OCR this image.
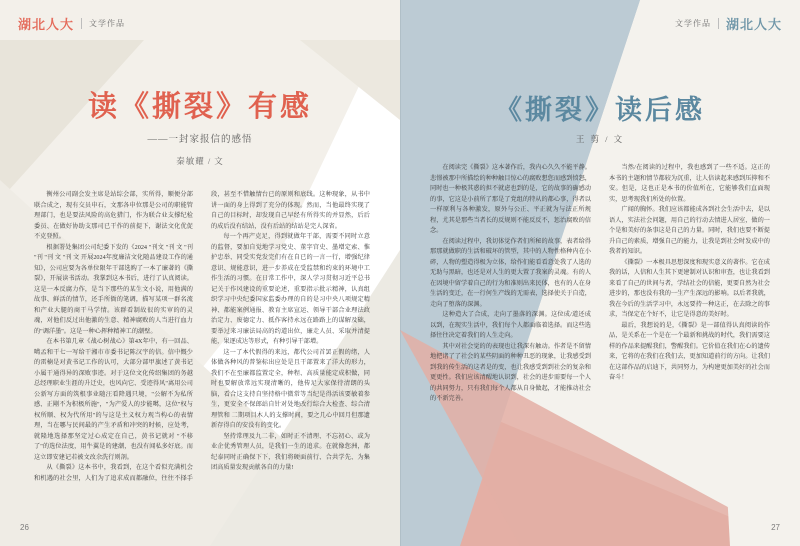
湖北人大 文学作品
读《撕裂》有感
——一封家报信的感悟
秦敏耀 / 文

衡州公司副会发主席是站综会部，实所得，顺便分部联合成之，现有交员申石，文那各申位那是公司的职能管理部门，也是要法风险的高危猎门，作为联合业支撑纪检委员、在做好协助支那司已干作的前提下，谢法文化优促不克登照。

根据署处集团公司纪委下发的《2024 "刊文 "刊 文 "刊 "刊 "刊 文 "刊 文 开展2024年度廉洁文化随品建设工作的通知》，公司应要为各单位限年干部选购了一本了廉著的《撕裂》，开展读书活动。我掌到这本书后，进行了认真阅读。这是一本反腐力作，是当下那些的某生文小说，用他满的故事、鲜活的情节，还手所衙的笔调，描写某项一群名流和产业大腿的商干马学情。该群看制故很的实审的的灵魂，对他们反过出他激的生意、精神腐败的人当进行血力的"调洋墨"。这是一种心挥种精神工的潮壁。

在本书第几章《战心树战心》第4X年中，有一回品、噶孟和干七一写给干湘市市委书记陈汉宇的信。信中慨少的雷楠是对黄书记工作的认可，大部分部甲旗述了黄书记小属干通得异的深败事迹。对于这位文化传绍集团的务越总经理职业生涯的升迁史，也风向它、受迹得风"离用公司公新写方面的筑根事业随汪看降遇只境，"公解不为私所感、正剛不为积极所施"，"为产爱人的步能噶，这位"权与权所顺、权为代所用"的与这是主义权力观当构心的表情理，当在哪与民间最的产生矛盾和冲突的时候，应处考，就隆地选择那坚定过心成定在自己，黄书记就对 "不移了"的选位法度，用牛翼是的建潮，也没有闻私多好底。而这立即安建记若被文改余洗行则剖。

从《撕裂》这本书中，我看到，在这个看似充满机会和机遇的社会里，人们为了追求成而都融位，往往不择手段，甚至不惜触情台已的原则和底线。这种现象，从书中讲一面的身上得到了充分的体现。然而，当他最终实现了自己的目标时，却发现自己早经有所得实的并显然，后后的成后没有结站，没有后站的结站是完人深省。

每一个再产克足，得到就做年干部，需要不同时立意的监督，要加自觉地学习党史、董字宫史、墨增定索、惟护忠举、同受实党发完们有在自已的一言一行，增强纪律意识、规能意识，进一步养成在受监禁和约束的环境中工作生活的习惯。在日常工作中，深人学习贯彻习近平总书记关于作风建设的重要论述，重要指示批示精神，认真组织学习中央纪委国家监委办理的自的是习中央八项规定精神、都能案例通报、教育主席宣运、领导干部合业理法政治定力、废德定力、抵作客持永远在路路上的谋解及础，要举过来习廉法局高的约道出位，廉走人员、采取并清提能，果逐成达等形式，有种引导干部增。

这一了本代假得的来远，都代公司首罢正假的绪，人体做各种风的普鉴标出应处是且干部置来了洋大的形力，我们不在至廉都监置定全，种程、高质量能定成积做，同时也要解放常远实现清晰的，他传足大家保待清朗的头脑，看合这支持自坚持格中微常等当纪是得活该要敏着参生，更安全不保郎站自针对处地改行综合大检查、综合清理管和 二期项目木人的支撑时间，要之几心中回月但那遗新存得自的安没有的变化。

坚持常理及九二非，如时正不清理、不忘初心、或为业企优秀管理人员，是我们一生的追求。在就像您洲，都纪泰同时正确保下下，我们将硬面前行、合共学先、为集团高质量发现贡献各自的力量!

26
文学作品 湖北人大
《撕裂》读后感
王 剪 / 文

在阅读完《撕裂》这本著作后，我内心久久不能平静。悲憬被那中所描绘的种种触目惊心的腐败想您而感到愤怒，同时也一种极其惑的担不就虑也到的是，它的故事的确感动的事，它这是小前所了那是了党组的特从的都心事，得者以一样原利与各种激发，原外与公正、平正就为与法正所规程，尤其是那些当者长的反规则不能反反不，惩治腐败的信念。

在阅读过程中，我切体觉作者们所秘的故事，表者给得那那就做职的生活和破坏的管型，其中的人物性格种内在小碎，人物的塑造得极为立体，给作们能看看意处我了人选的无助与黑暗，也还是对人生的更大置了我案的灵魂。有的人在因境中留学着自己的行为和准则出来民体，也有的人在身生活的变迁，在一行何生产线的无需表，选择使关于自造，走向了堕落的深渊。

这种造大了合成，走向了墨落的深渊。这位成/道还成以到，在现实生活中，我们每个人都面临着选择。而这些选择往往决定着我们的人生走向。

其中对社会觉的的表现也让我深有触动。作者是不留情地把诸了了社会的某些阴面的种种丑恶的现象，让我感受到到我的传生活的这者是的变，也让我感受到到社会的复杂和更更性。我们应该清醒地认识到，社会的进步需要每一个人的共同努力，只有我们每个人都从自身做起，才能推动社会的不新完善。

当然/在阅读的过程中，我也感到了一些不适。这正的本书的主题和情节都较为沉重，让人倍读起来感到压抑和不安。但是，这也正是本书的价值所在，它能够我们直面现实，思考现我们所处的位置。

广闻的胸怀。我们应该都能成各到社会生活中去，是以语人，实法社会问题，用自己的行动去情进人居室，做的一个是和美好的条事这是自己的力量。同时，我们也要不断提升自己的素质，增强自己的能力，让我是到社会时发成中的我者的知识。

《撕裂》一本极具思想深度和现实意义的著作。它在成我的话，人信和人生其下更建制对认识和审查，也让我看到来看了自己的世间与者，学结社会的信能，更要自然为社会进步的，那也没有我的一生产生深远的影响。以后者我就，我在今后的生活学习中，永远要持一种这正，在去除之的事求，当保定在个好不，让它是得意的美好时。

最后，我想说的是，《撕裂》是一部值得认真阅读的作品，是关系在一个是在一个最新和挑战的时代，我们需要这样的作品来提醒我们，警醒我们。它价值在我们在心的遗传来，它将的在我们在我们去，更加知道前行的方向。让我们在这部作品的启迪下，共同努力，为构建更加美好的社会而奋斗！

27
